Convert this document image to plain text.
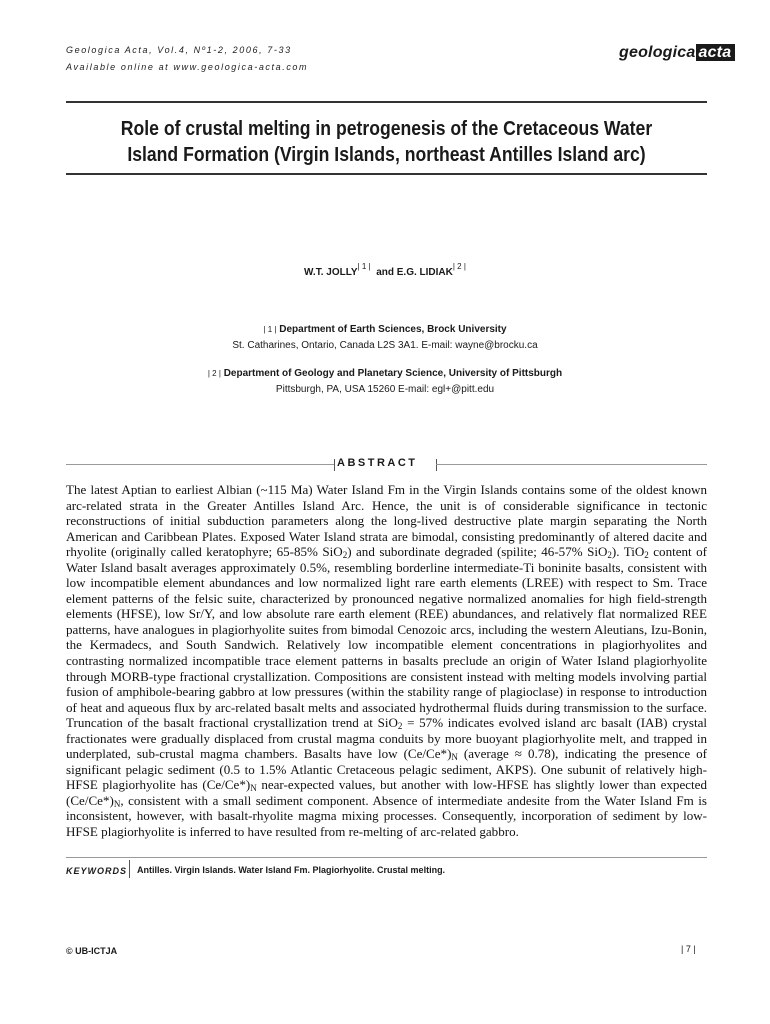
Geologica Acta, Vol.4, Nº1-2, 2006, 7-33
Available online at www.geologica-acta.com
geologica acta
Role of crustal melting in petrogenesis of the Cretaceous Water Island Formation (Virgin Islands, northeast Antilles Island arc)
W.T. $JOLLY^{| 1 |}$  and E.G. $LIDIAK^{| 2 |}$
| 1 | Department of Earth Sciences, Brock University
St. Catharines, Ontario, Canada L2S 3A1. E-mail: wayne@brocku.ca
| 2 | Department of Geology and Planetary Science, University of Pittsburgh
Pittsburgh, PA, USA 15260 E-mail: egl+@pitt.edu
ABSTRACT
The latest Aptian to earliest Albian (~115 Ma) Water Island Fm in the Virgin Islands contains some of the oldest known arc-related strata in the Greater Antilles Island Arc. Hence, the unit is of considerable significance in tectonic reconstructions of initial subduction parameters along the long-lived destructive plate margin separating the North American and Caribbean Plates. Exposed Water Island strata are bimodal, consisting predominantly of altered dacite and rhyolite (originally called keratophyre; 65-85% SiO$_2$) and subordinate degraded (spilite; 46-57% SiO$_2$). TiO$_2$ content of Water Island basalt averages approximately 0.5%, resembling borderline intermediate-Ti boninite basalts, consistent with low incompatible element abundances and low normalized light rare earth elements (LREE) with respect to Sm. Trace element patterns of the felsic suite, characterized by pronounced negative normalized anomalies for high field-strength elements (HFSE), low Sr/Y, and low absolute rare earth element (REE) abundances, and relatively flat normalized REE patterns, have analogues in plagiorhyolite suites from bimodal Cenozoic arcs, including the western Aleutians, Izu-Bonin, the Kermadecs, and South Sandwich. Relatively low incompatible element concentrations in plagiorhyolites and contrasting normalized incompatible trace element patterns in basalts preclude an origin of Water Island plagiorhyolite through MORB-type fractional crystallization. Compositions are consistent instead with melting models involving partial fusion of amphibole-bearing gabbro at low pressures (within the stability range of plagioclase) in response to introduction of heat and aqueous flux by arc-related basalt melts and associated hydrothermal fluids during transmission to the surface. Truncation of the basalt fractional crystallization trend at SiO$_2$ = 57% indicates evolved island arc basalt (IAB) crystal fractionates were gradually displaced from crustal magma conduits by more buoyant plagiorhyolite melt, and trapped in underplated, sub-crustal magma chambers. Basalts have low $(Ce/Ce*)_N$ (average ≈ 0.78), indicating the presence of significant pelagic sediment (0.5 to 1.5% Atlantic Cretaceous pelagic sediment, AKPS). One subunit of relatively high-HFSE plagiorhyolite has $(Ce/Ce*)_N$ near-expected values, but another with low-HFSE has slightly lower than expected $(Ce/Ce*)_N$, consistent with a small sediment component. Absence of intermediate andesite from the Water Island Fm is inconsistent, however, with basalt-rhyolite magma mixing processes. Consequently, incorporation of sediment by low-HFSE plagiorhyolite is inferred to have resulted from re-melting of arc-related gabbro.
KEYWORDS Antilles. Virgin Islands. Water Island Fm. Plagiorhyolite. Crustal melting.
© UB-ICTJA	| 7 |
